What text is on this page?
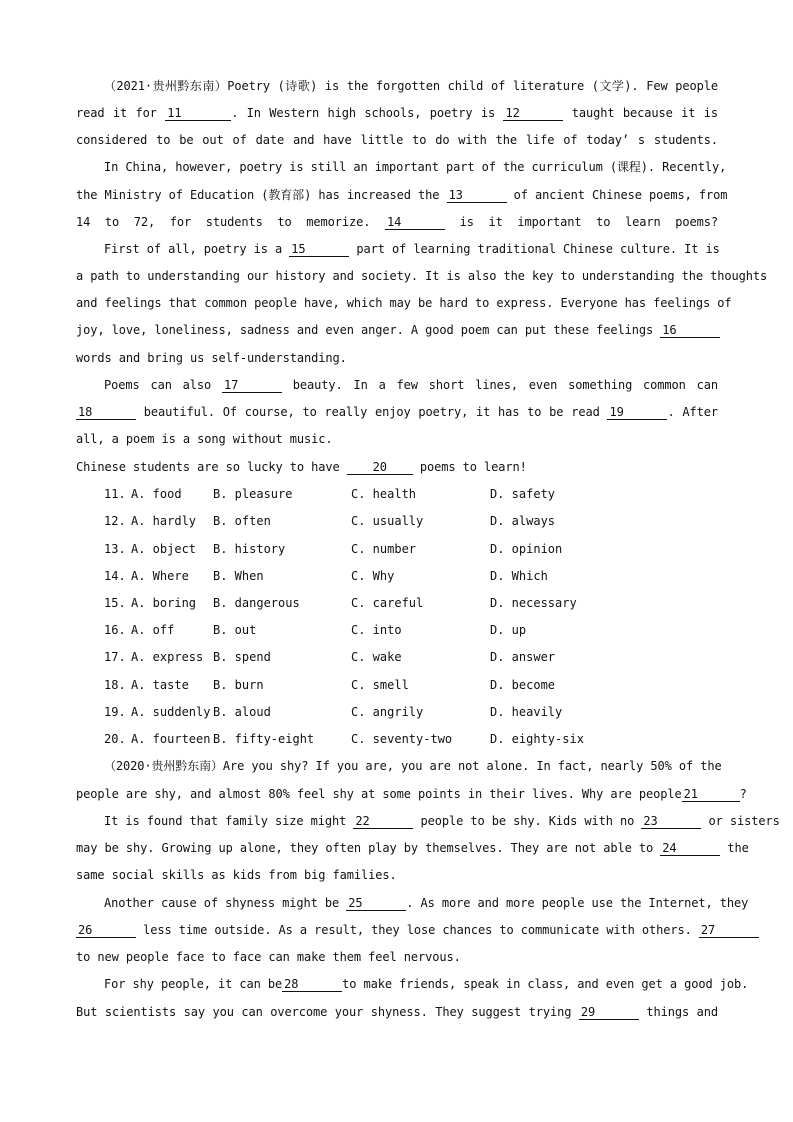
（2021·贵州黔东南）Poetry (诗歌) is the forgotten child of literature (文学). Few people
read it for 11	. In Western high schools, poetry is 12	taught because it is
considered to be out of date and have little to do with the life of today’ s students.
In China, however, poetry is still an important part of the curriculum (课程). Recently,
the Ministry of Education (教育部) has increased the 13	of ancient Chinese poems, from
14 to 72, for students to memorize. 14	is it important to learn poems?
First of all, poetry is a 15	part of learning traditional Chinese culture. It is
a path to understanding our history and society. It is also the key to understanding the thoughts
and feelings that common people have, which may be hard to express. Everyone has feelings of
joy, love, loneliness, sadness and even anger. A good poem can put these feelings 16
words and bring us self-understanding.
Poems can also 17	beauty. In a few short lines, even something common can
18	beautiful. Of course, to really enjoy poetry, it has to be read 19	. After
all, a poem is a song without music.
Chinese students are so lucky to have 20 poems to learn!
11. A. food	B. pleasure	C. health	D. safety
12. A. hardly B. often	C. usually	D. always
13. A. object B. history	C. number	D. opinion
14. A. Where B. When	C. Why	D. Which
15. A. boring B. dangerous	C. careful	D. necessary
16. A. off	B. out	C. into	D. up
17. A. express B. spend	C. wake	D. answer
18. A. taste B. burn	C. smell	D. become
19. A. suddenly B. aloud	C. angrily	D. heavily
20. A. fourteen B. fifty-eight	C. seventy-two	D. eighty-six
（2020·贵州黔东南）Are you shy? If you are, you are not alone. In fact, nearly 50% of the
people are shy, and almost 80% feel shy at some points in their lives. Why are people 21	?
It is found that family size might 22	people to be shy. Kids with no 23	or sisters
may be shy. Growing up alone, they often play by themselves. They are not able to 24	the
same social skills as kids from big families.
Another cause of shyness might be 25	. As more and more people use the Internet, they
26	less time outside. As a result, they lose chances to communicate with others. 27
to new people face to face can make them feel nervous.
For shy people, it can be 28	to make friends, speak in class, and even get a good job.
But scientists say you can overcome your shyness. They suggest trying 29	things and
